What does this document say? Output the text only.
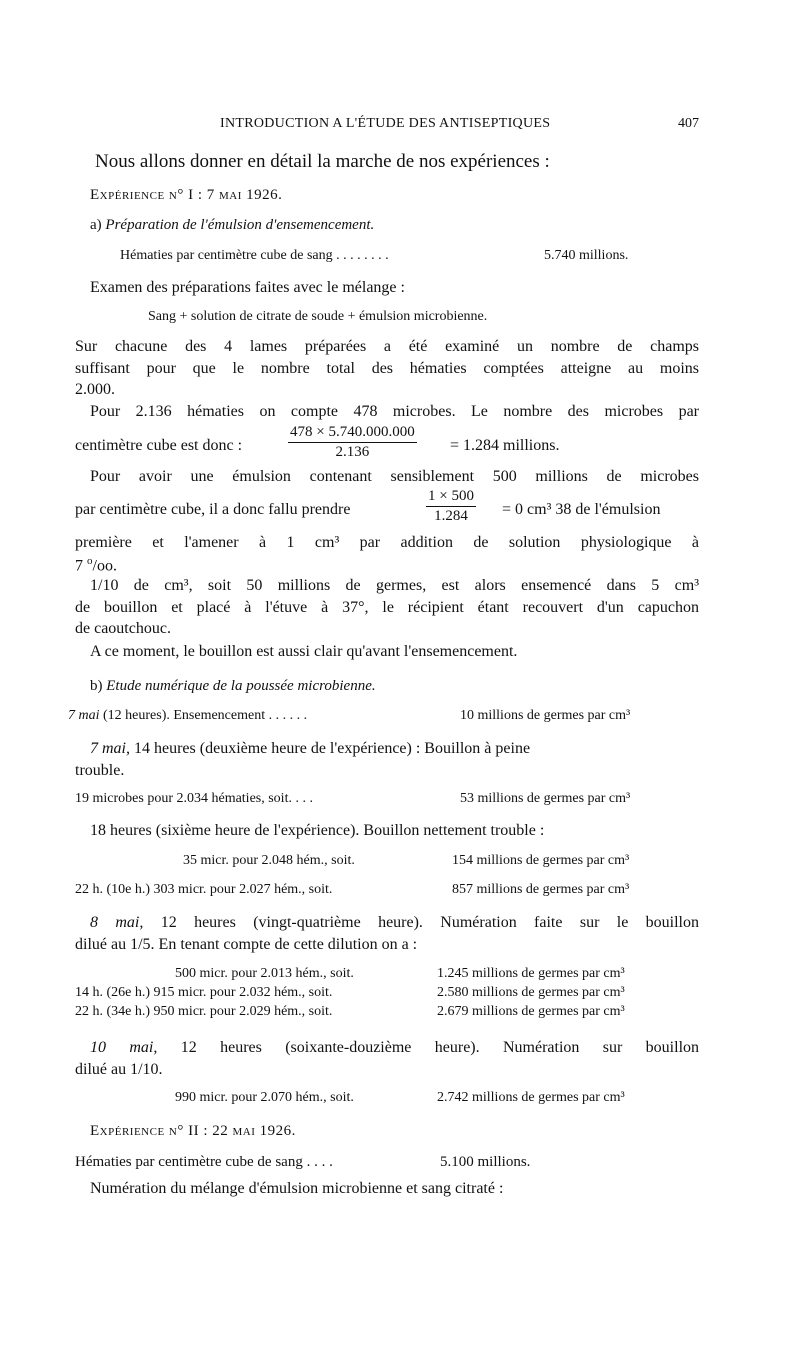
INTRODUCTION A L'ÉTUDE DES ANTISEPTIQUES	407
Nous allons donner en détail la marche de nos expériences :
Expérience n° I : 7 mai 1926.
a) Préparation de l'émulsion d'ensemencement.
Hématies par centimètre cube de sang . . . . . . . .	5.740 millions.
Examen des préparations faites avec le mélange :
Sang + solution de citrate de soude + émulsion microbienne.
Sur chacune des 4 lames préparées a été examiné un nombre de champs
suffisant pour que le nombre total des hématies comptées atteigne au moins
2.000.
Pour 2.136 hématies on compte 478 microbes. Le nombre des microbes par
centimètre cube est donc :	$\frac{478 \times 5.740.000.000}{2.136} = 1.284$ millions.
Pour avoir une émulsion contenant sensiblement 500 millions de microbes
par centimètre cube, il a donc fallu prendre	$\frac{1 \times 500}{1.284} = 0$ cm³ 38 de l'émulsion
première et l'amener à 1 cm³ par addition de solution physiologique à
7 $^o$/oo.
1/10 de cm³, soit 50 millions de germes, est alors ensemencé dans 5 cm³
de bouillon et placé à l'étuve à 37°, le récipient étant recouvert d'un capuchon
de caoutchouc.
A ce moment, le bouillon est aussi clair qu'avant l'ensemencement.
b) Etude numérique de la poussée microbienne.
7 mai (12 heures). Ensemencement . . . . . .	10 millions de germes par cm³
7 mai, 14 heures (deuxième heure de l'expérience) : Bouillon à peine
trouble.
19 microbes pour 2.034 hématies, soit. . . .	53 millions de germes par cm³
18 heures (sixième heure de l'expérience). Bouillon nettement trouble :
35 micr. pour 2.048 hém., soit.	154 millions de germes par cm³
22 h. (10e h.) 303 micr. pour 2.027 hém., soit.	857 millions de germes par cm³
8 mai, 12 heures (vingt-quatrième heure). Numération faite sur le bouillon
dilué au 1/5. En tenant compte de cette dilution on a :
500 micr. pour 2.013 hém., soit.	1.245 millions de germes par cm³
14 h. (26e h.) 915 micr. pour 2.032 hém., soit.	2.580 millions de germes par cm³
22 h. (34e h.) 950 micr. pour 2.029 hém., soit.	2.679 millions de germes par cm³
10 mai, 12 heures (soixante-douzième heure). Numération sur bouillon
dilué au 1/10.
990 micr. pour 2.070 hém., soit.	2.742 millions de germes par cm³
Expérience n° II : 22 mai 1926.
Hématies par centimètre cube de sang . . . .	5.100 millions.
Numération du mélange d'émulsion microbienne et sang citraté :
